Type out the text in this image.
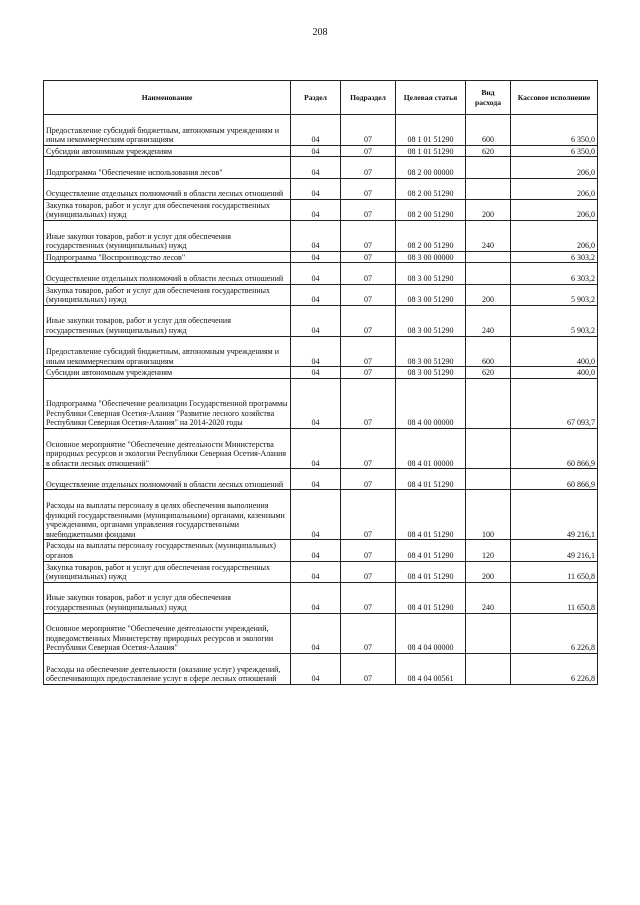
208
Наименование	Раздел	Подраздел	Целевая статья	Вид расхода	Кассовое исполнение
Предоставление субсидий бюджетным, автономным учреждениям и иным некоммерческим организациям	04	07	08 1 01 51290	600	6 350,0
Субсидии автономным учреждениям	04	07	08 1 01 51290	620	6 350,0
Подпрограмма "Обеспечение использования лесов"	04	07	08 2 00 00000		206,0
Осуществление отдельных полномочий в области лесных отношений	04	07	08 2 00 51290		206,0
Закупка товаров, работ и услуг для обеспечения государственных (муниципальных) нужд	04	07	08 2 00 51290	200	206,0
Иные закупки товаров, работ и услуг для обеспечения государственных (муниципальных) нужд	04	07	08 2 00 51290	240	206,0
Подпрограмма "Воспроизводство лесов"	04	07	08 3 00 00000		6 303,2
Осуществление отдельных полномочий в области лесных отношений	04	07	08 3 00 51290		6 303,2
Закупка товаров, работ и услуг для обеспечения государственных (муниципальных) нужд	04	07	08 3 00 51290	200	5 903,2
Иные закупки товаров, работ и услуг для обеспечения государственных (муниципальных) нужд	04	07	08 3 00 51290	240	5 903,2
Предоставление субсидий бюджетным, автономным учреждениям и иным некоммерческим организациям	04	07	08 3 00 51290	600	400,0
Субсидии автономным учреждениям	04	07	08 3 00 51290	620	400,0
Подпрограмма "Обеспечение реализации Государственной программы Республики Северная Осетия-Алания "Развитие лесного хозяйства Республики Северная Осетия-Алания" на 2014-2020 годы	04	07	08 4 00 00000		67 093,7
Основное мероприятие "Обеспечение деятельности Министерства природных ресурсов и экологии Республики Северная Осетия-Алания в области лесных отношений"	04	07	08 4 01 00000		60 866,9
Осуществление отдельных полномочий в области лесных отношений	04	07	08 4 01 51290		60 866,9
Расходы на выплаты персоналу в целях обеспечения выполнения функций государственными (муниципальными) органами, казенными учреждениями, органами управления государственными внебюджетными фондами	04	07	08 4 01 51290	100	49 216,1
Расходы на выплаты персоналу государственных (муниципальных) органов	04	07	08 4 01 51290	120	49 216,1
Закупка товаров, работ и услуг для обеспечения государственных (муниципальных) нужд	04	07	08 4 01 51290	200	11 650,8
Иные закупки товаров, работ и услуг для обеспечения государственных (муниципальных) нужд	04	07	08 4 01 51290	240	11 650,8
Основное мероприятие "Обеспечение деятельности учреждений, подведомственных Министерству природных ресурсов и экологии Республики Северная Осетия-Алания"	04	07	08 4 04 00000		6 226,8
Расходы на обеспечение деятельности (оказание услуг) учреждений, обеспечивающих предоставление услуг в сфере лесных отношений	04	07	08 4 04 00561		6 226,8
